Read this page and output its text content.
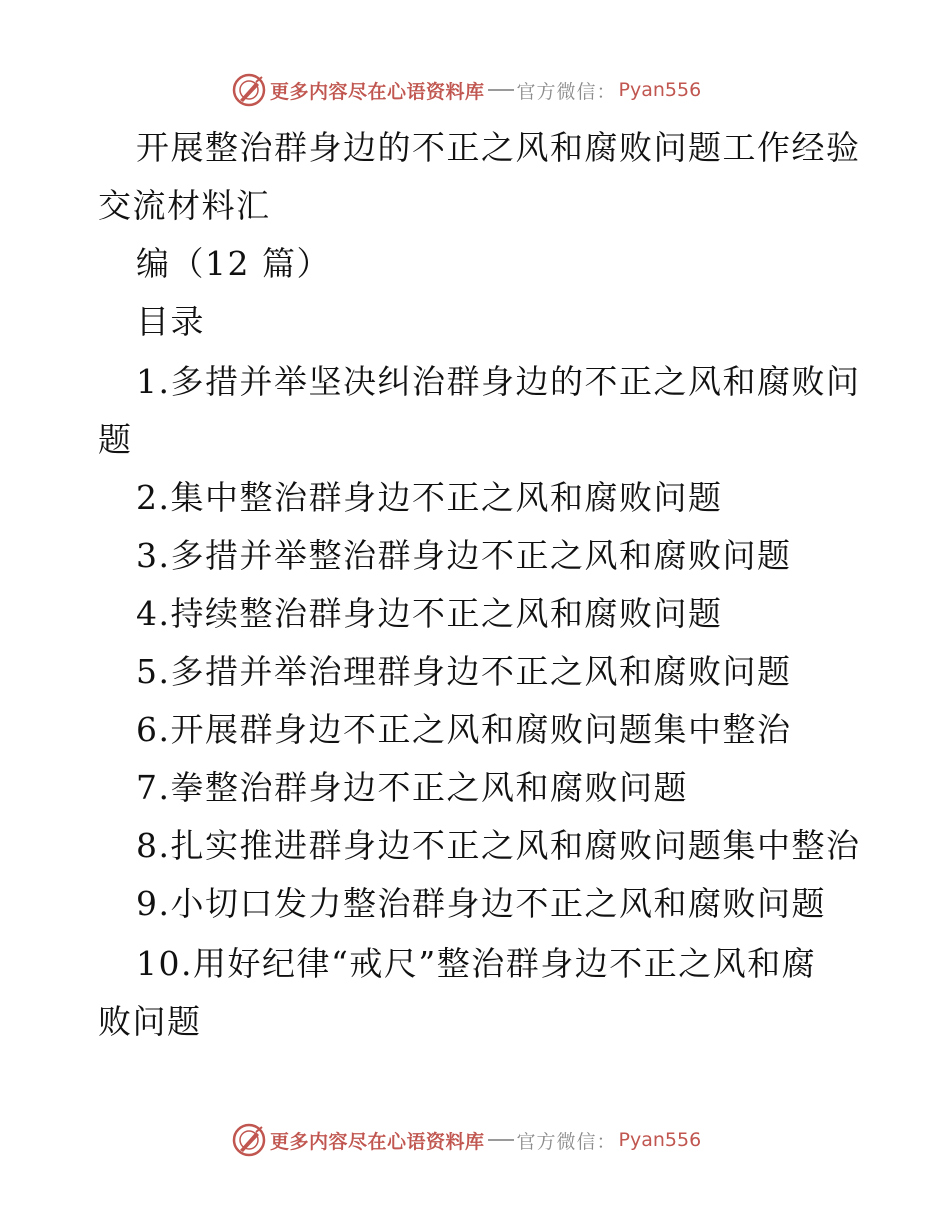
更多内容尽在心语资料库 官方微信： Pyan556
开展整治群身边的不正之风和腐败问题工作经验
交流材料汇
编（12 篇）
目录
1.多措并举坚决纠治群身边的不正之风和腐败问
题
2.集中整治群身边不正之风和腐败问题
3.多措并举整治群身边不正之风和腐败问题
4.持续整治群身边不正之风和腐败问题
5.多措并举治理群身边不正之风和腐败问题
6.开展群身边不正之风和腐败问题集中整治
7.拳整治群身边不正之风和腐败问题
8.扎实推进群身边不正之风和腐败问题集中整治
9.小切口发力整治群身边不正之风和腐败问题
10.用好纪律“戒尺”整治群身边不正之风和腐
败问题
更多内容尽在心语资料库 官方微信： Pyan556
